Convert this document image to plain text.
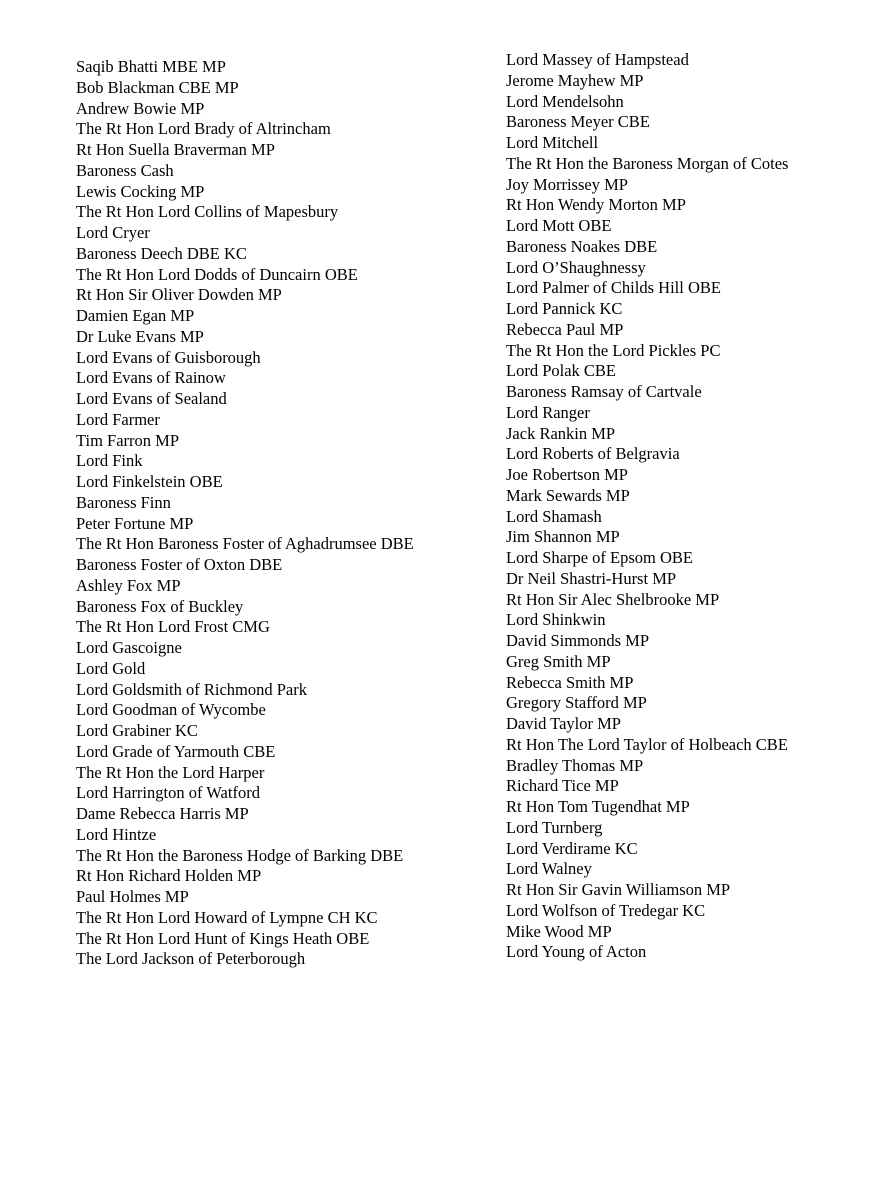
Saqib Bhatti MBE MP
Bob Blackman CBE MP
Andrew Bowie MP
The Rt Hon Lord Brady of Altrincham
Rt Hon Suella Braverman MP
Baroness Cash
Lewis Cocking MP
The Rt Hon Lord Collins of Mapesbury
Lord Cryer
Baroness Deech DBE KC
The Rt Hon Lord Dodds of Duncairn OBE
Rt Hon Sir Oliver Dowden MP
Damien Egan MP
Dr Luke Evans MP
Lord Evans of Guisborough
Lord Evans of Rainow
Lord Evans of Sealand
Lord Farmer
Tim Farron MP
Lord Fink
Lord Finkelstein OBE
Baroness Finn
Peter Fortune MP
The Rt Hon Baroness Foster of Aghadrumsee DBE
Baroness Foster of Oxton DBE
Ashley Fox MP
Baroness Fox of Buckley
The Rt Hon Lord Frost CMG
Lord Gascoigne
Lord Gold
Lord Goldsmith of Richmond Park
Lord Goodman of Wycombe
Lord Grabiner KC
Lord Grade of Yarmouth CBE
The Rt Hon the Lord Harper
Lord Harrington of Watford
Dame Rebecca Harris MP
Lord Hintze
The Rt Hon the Baroness Hodge of Barking DBE
Rt Hon Richard Holden MP
Paul Holmes MP
The Rt Hon Lord Howard of Lympne CH KC
The Rt Hon Lord Hunt of Kings Heath OBE
The Lord Jackson of Peterborough
Lord Massey of Hampstead
Jerome Mayhew MP
Lord Mendelsohn
Baroness Meyer CBE
Lord Mitchell
The Rt Hon the Baroness Morgan of Cotes
Joy Morrissey MP
Rt Hon Wendy Morton MP
Lord Mott OBE
Baroness Noakes DBE
Lord O’Shaughnessy
Lord Palmer of Childs Hill OBE
Lord Pannick KC
Rebecca Paul MP
The Rt Hon the Lord Pickles PC
Lord Polak CBE
Baroness Ramsay of Cartvale
Lord Ranger
Jack Rankin MP
Lord Roberts of Belgravia
Joe Robertson MP
Mark Sewards MP
Lord Shamash
Jim Shannon MP
Lord Sharpe of Epsom OBE
Dr Neil Shastri-Hurst MP
Rt Hon Sir Alec Shelbrooke MP
Lord Shinkwin
David Simmonds MP
Greg Smith MP
Rebecca Smith MP
Gregory Stafford MP
David Taylor MP
Rt Hon The Lord Taylor of Holbeach CBE
Bradley Thomas MP
Richard Tice MP
Rt Hon Tom Tugendhat MP
Lord Turnberg
Lord Verdirame KC
Lord Walney
Rt Hon Sir Gavin Williamson MP
Lord Wolfson of Tredegar KC
Mike Wood MP
Lord Young of Acton
